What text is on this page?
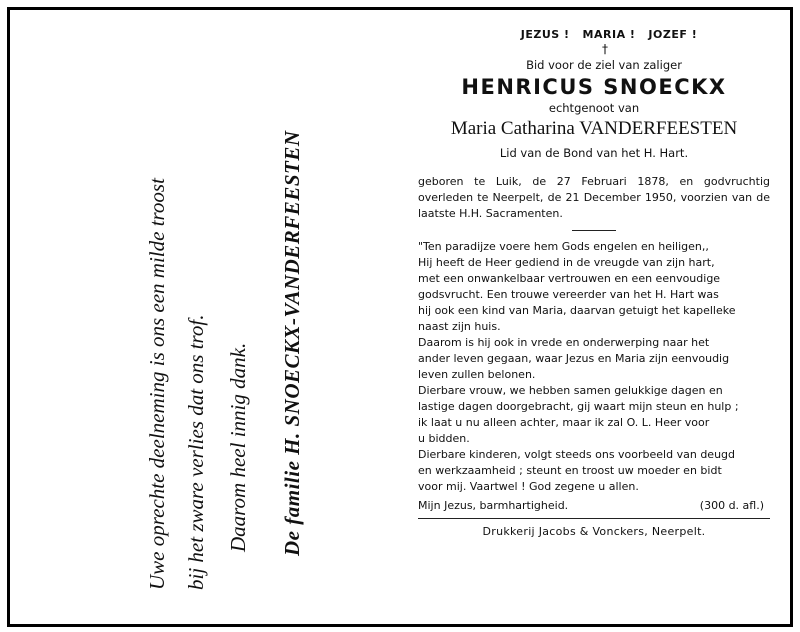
Uwe oprechte deelneming is ons een milde troost bij het zware verlies dat ons trof. Daarom heel innig dank. De familie H. SNOECKX-VANDERFEESTEN
JEZUS !   MARIA !   JOZEF !
†
Bid voor de ziel van zaliger
HENRICUS SNOECKX
echtgenoot van
Maria Catharina VANDERFEESTEN
Lid van de Bond van het H. Hart.
geboren te Luik, de 27 Februari 1878, en godvruchtig overleden te Neerpelt, de 21 December 1950, voorzien van de laatste H.H. Sacramenten.
"Ten paradijze voere hem Gods engelen en heiligen,,
Hij heeft de Heer gediend in de vreugde van zijn hart,
met een onwankelbaar vertrouwen en een eenvoudige
godsvrucht. Een trouwe vereerder van het H. Hart was
hij ook een kind van Maria, daarvan getuigt het kapelleke
naast zijn huis.
Daarom is hij ook in vrede en onderwerping naar het
ander leven gegaan, waar Jezus en Maria zijn eenvoudig
leven zullen belonen.
Dierbare vrouw, we hebben samen gelukkige dagen en
lastige dagen doorgebracht, gij waart mijn steun en hulp ;
ik laat u nu alleen achter, maar ik zal O. L. Heer voor
u bidden.
Dierbare kinderen, volgt steeds ons voorbeeld van deugd
en werkzaamheid ; steunt en troost uw moeder en bidt
voor mij. Vaartwel ! God zegene u allen.
Mijn Jezus, barmhartigheid.	(300 d. afl.)
Drukkerij Jacobs & Vonckers, Neerpelt.
